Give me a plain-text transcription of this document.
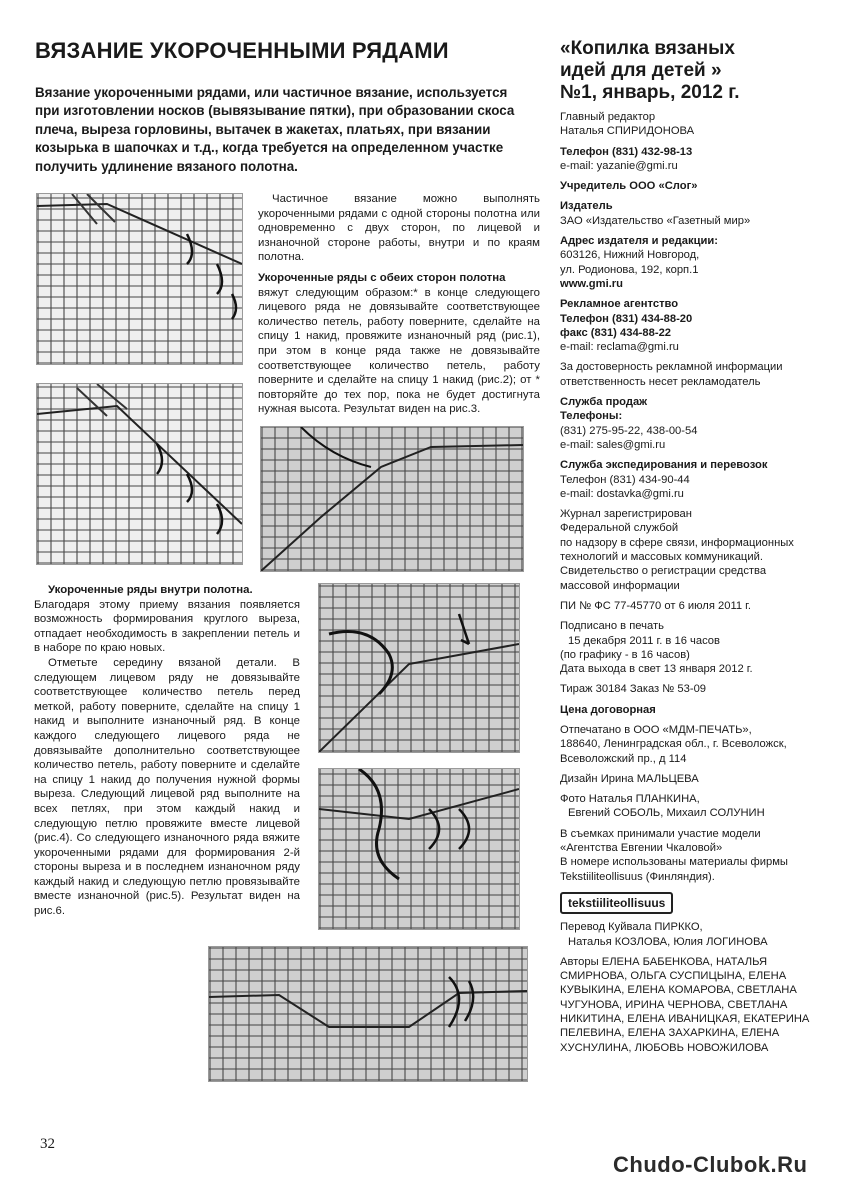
ВЯЗАНИЕ УКОРОЧЕННЫМИ РЯДАМИ
Вязание укороченными рядами, или частичное вязание, используется при изготовлении носков (вывязывание пятки), при образовании скоса плеча, выреза горловины, вытачек в жакетах, платьях, при вязании козырька в шапочках и т.д., когда требуется на определенном участке получить удлинение вязаного полотна.

Частичное вязание можно выполнять укороченными рядами с одной стороны полотна или одновременно с двух сторон, по лицевой и изнаночной стороне работы, внутри и по краям полотна.

Укороченные ряды с обеих сторон полотна

вяжут следующим образом:* в конце следующего лицевого ряда не довязывайте соответствующее количество петель, работу поверните, сделайте на спицу 1 накид, провяжите изнаночный ряд (рис.1), при этом в конце ряда также не довязывайте соответствующее количество петель, работу поверните и сделайте на спицу 1 накид (рис.2); от * повторяйте до тех пор, пока не будет достигнута нужная высота. Результат виден на рис.3.

Укороченные ряды внутри полотна.

Благодаря этому приему вязания появляется возможность формирования круглого выреза, отпадает необходимость в закреплении петель и в наборе по краю новых.

Отметьте середину вязаной детали. В следующем лицевом ряду не довязывайте соответствующее количество петель перед меткой, работу поверните, сделайте на спицу 1 накид и выполните изнаночный ряд. В конце каждого следующего лицевого ряда не довязывайте дополнительно соответствующее количество петель, работу поверните и сделайте на спицу 1 накид до получения нужной формы выреза. Следующий лицевой ряд выполните на всех петлях, при этом каждый накид и следующую петлю провяжите вместе лицевой (рис.4). Со следующего изнаночного ряда вяжите укороченными рядами для формирования 2-й стороны выреза и в последнем изнаночном ряду каждый накид и следующую петлю провязывайте вместе изнаночной (рис.5). Результат виден на рис.6.

«Копилка вязаных
идей для детей »
№1, январь, 2012 г.
Главный редактор
Наталья СПИРИДОНОВА
Телефон (831) 432-98-13
e-mail: yazanie@gmi.ru
Учредитель ООО «Слог»
Издатель
ЗАО «Издательство «Газетный мир»
Адрес издателя и редакции:
603126, Нижний Новгород,
ул. Родионова, 192, корп.1
www.gmi.ru
Рекламное агентство
Телефон (831) 434-88-20
факс (831) 434-88-22
e-mail: reclama@gmi.ru
За достоверность рекламной информации
ответственность несет рекламодатель
Служба продаж
Телефоны:
(831) 275-95-22, 438-00-54
e-mail: sales@gmi.ru
Служба экспедирования и перевозок
Телефон (831) 434-90-44
e-mail: dostavka@gmi.ru
Журнал зарегистрирован
Федеральной службой
по надзору в сфере связи, информационных
технологий и массовых коммуникаций.
Свидетельство о регистрации средства
массовой информации
ПИ № ФС 77-45770 от 6 июля 2011 г.
Подписано в печать
15 декабря 2011 г. в 16 часов
(по графику - в 16 часов)
Дата выхода в свет 13 января 2012 г.
Тираж 30184 Заказ № 53-09
Цена договорная
Отпечатано в ООО «МДМ-ПЕЧАТЬ»,
188640, Ленинградская обл., г. Всеволожск,
Всеволожский пр., д 114
Дизайн Ирина МАЛЬЦЕВА
Фото Наталья ПЛАНКИНА,
Евгений СОБОЛЬ, Михаил СОЛУНИН
В съемках принимали участие модели
«Агентства Евгении Чкаловой»
В номере использованы материалы фирмы
Tekstiiliteollisuus (Финляндия).
tekstiiliteollisuus
Перевод Куйвала ПИРККО,
Наталья КОЗЛОВА, Юлия ЛОГИНОВА
Авторы ЕЛЕНА БАБЕНКОВА, НАТАЛЬЯ
СМИРНОВА, ОЛЬГА СУСПИЦЫНА, ЕЛЕНА
КУВЫКИНА, ЕЛЕНА КОМАРОВА, СВЕТЛАНА
ЧУГУНОВА, ИРИНА ЧЕРНОВА, СВЕТЛАНА
НИКИТИНА, ЕЛЕНА ИВАНИЦКАЯ, ЕКАТЕРИНА
ПЕЛЕВИНА, ЕЛЕНА ЗАХАРКИНА, ЕЛЕНА
ХУСНУЛИНА, ЛЮБОВЬ НОВОЖИЛОВА
32
Chudo-Clubok.Ru
